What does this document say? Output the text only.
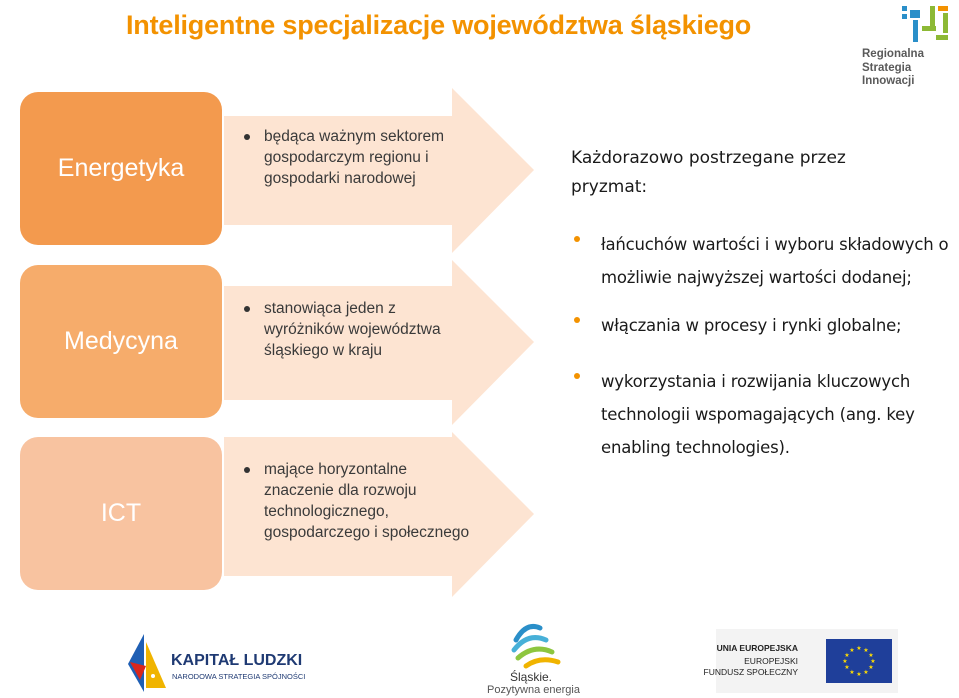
Inteligentne specjalizacje województwa śląskiego
Regionalna
Strategia
Innowacji
będąca ważnym sektorem gospodarczym regionu i gospodarki narodowej
stanowiąca jeden z wyróżników województwa śląskiego w kraju
mające horyzontalne znaczenie dla rozwoju technologicznego, gospodarczego i społecznego
Energetyka
Medycyna
ICT
Każdorazowo postrzegane przez pryzmat:
łańcuchów wartości i wyboru składowych o możliwie najwyższej wartości dodanej;
włączania w procesy i rynki globalne;
wykorzystania i rozwijania kluczowych technologii wspomagających (ang. key enabling technologies).
KAPITAŁ LUDZKI
NARODOWA STRATEGIA SPÓJNOŚCI	Śląskie.
Pozytywna energia
UNIA EUROPEJSKA
EUROPEJSKI
FUNDUSZ SPOŁECZNY
★ ★
★
★
★
★
★
★
★
★
★
★
